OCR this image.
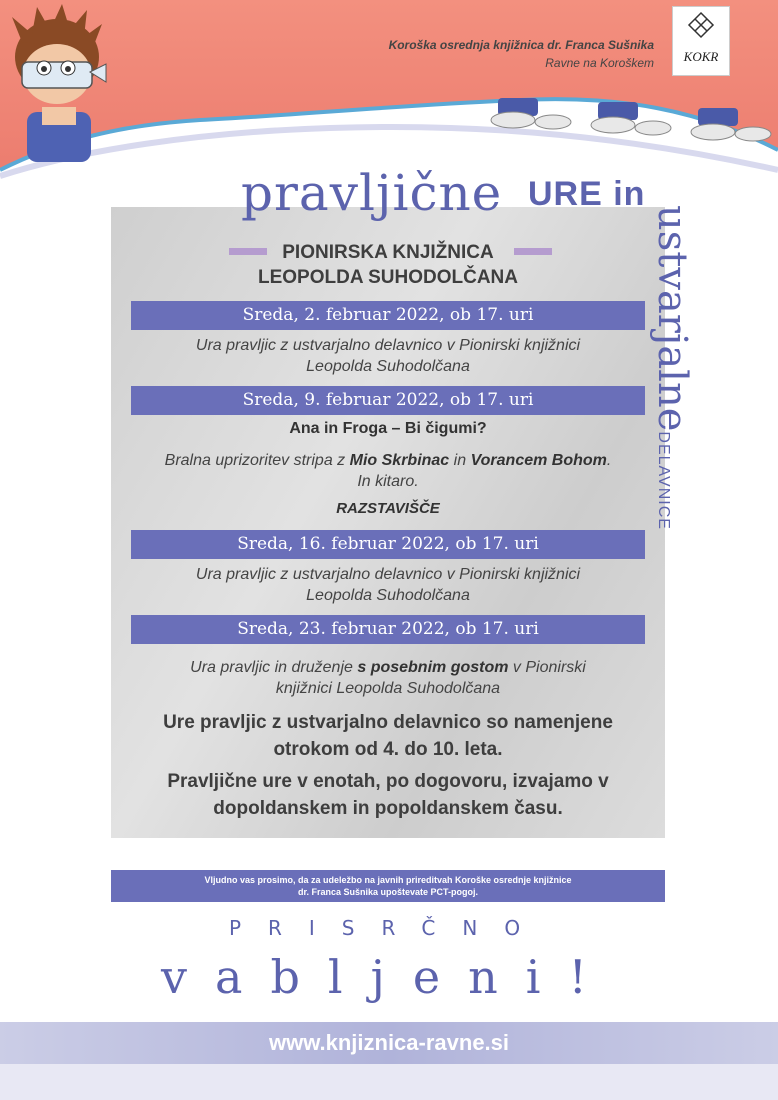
Koroška osrednja knjižnica dr. Franca Sušnika
Ravne na Koroškem KOKR
pravljične URE in
ustvarjalneDELAVNICE
PIONIRSKA KNJIŽNICA
LEOPOLDA SUHODOLČANA
Sreda, 2. februar 2022, ob 17. uri
Ura pravljic z ustvarjalno delavnico v Pionirski knjižnici
Leopolda Suhodolčana
Sreda, 9. februar 2022, ob 17. uri
Ana in Froga – Bi čigumi?
Bralna uprizoritev stripa z Mio Skrbinac in Vorancem Bohom.
In kitaro.
RAZSTAVIŠČE
Sreda, 16. februar 2022, ob 17. uri
Ura pravljic z ustvarjalno delavnico v Pionirski knjižnici
Leopolda Suhodolčana
Sreda, 23. februar 2022, ob 17. uri
Ura pravljic in druženje s posebnim gostom v Pionirski
knjižnici Leopolda Suhodolčana
Ure pravljic z ustvarjalno delavnico so namenjene
otrokom od 4. do 10. leta.
Pravljične ure v enotah, po dogovoru, izvajamo v
dopoldanskem in popoldanskem času.
Vljudno vas prosimo, da za udeležbo na javnih prireditvah Koroške osrednje knjižnice
dr. Franca Sušnika upoštevate PCT-pogoj.
PRISRČNO
vabljeni!
www.knjiznica-ravne.si
